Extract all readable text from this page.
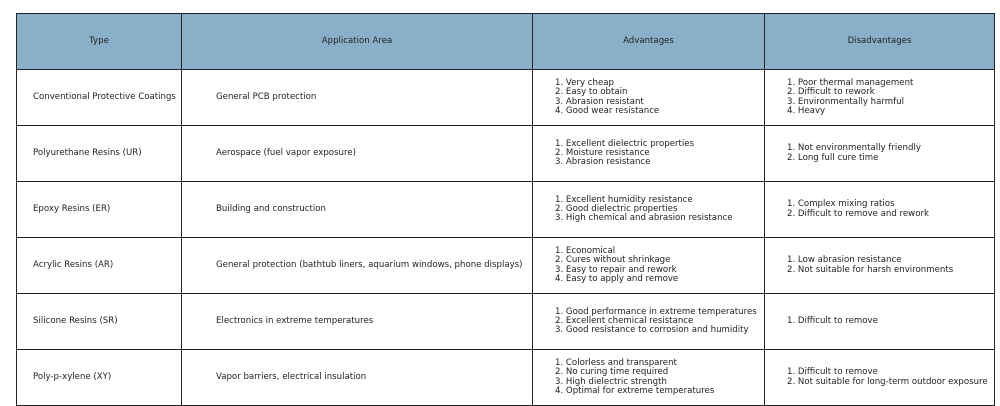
Type	Application Area	Advantages	Disadvantages
Conventional Protective Coatings	General PCB protection	1. Very cheap
2. Easy to obtain
3. Abrasion resistant
4. Good wear resistance	1. Poor thermal management
2. Difficult to rework
3. Environmentally harmful
4. Heavy

Polyurethane Resins (UR)	Aerospace (fuel vapor exposure)	1. Excellent dielectric properties
2. Moisture resistance
3. Abrasion resistance	1. Not environmentally friendly
2. Long full cure time

Epoxy Resins (ER)	Building and construction	1. Excellent humidity resistance
2. Good dielectric properties
3. High chemical and abrasion resistance	1. Complex mixing ratios
2. Difficult to remove and rework

Acrylic Resins (AR)	General protection (bathtub liners, aquarium windows, phone displays)	1. Economical
2. Cures without shrinkage
3. Easy to repair and rework
4. Easy to apply and remove	1. Low abrasion resistance
2. Not suitable for harsh environments

Silicone Resins (SR)	Electronics in extreme temperatures	1. Good performance in extreme temperatures
2. Excellent chemical resistance
3. Good resistance to corrosion and humidity	1. Difficult to remove

Poly-p-xylene (XY)	Vapor barriers, electrical insulation	1. Colorless and transparent
2. No curing time required
3. High dielectric strength
4. Optimal for extreme temperatures	1. Difficult to remove
2. Not suitable for long-term outdoor exposure
